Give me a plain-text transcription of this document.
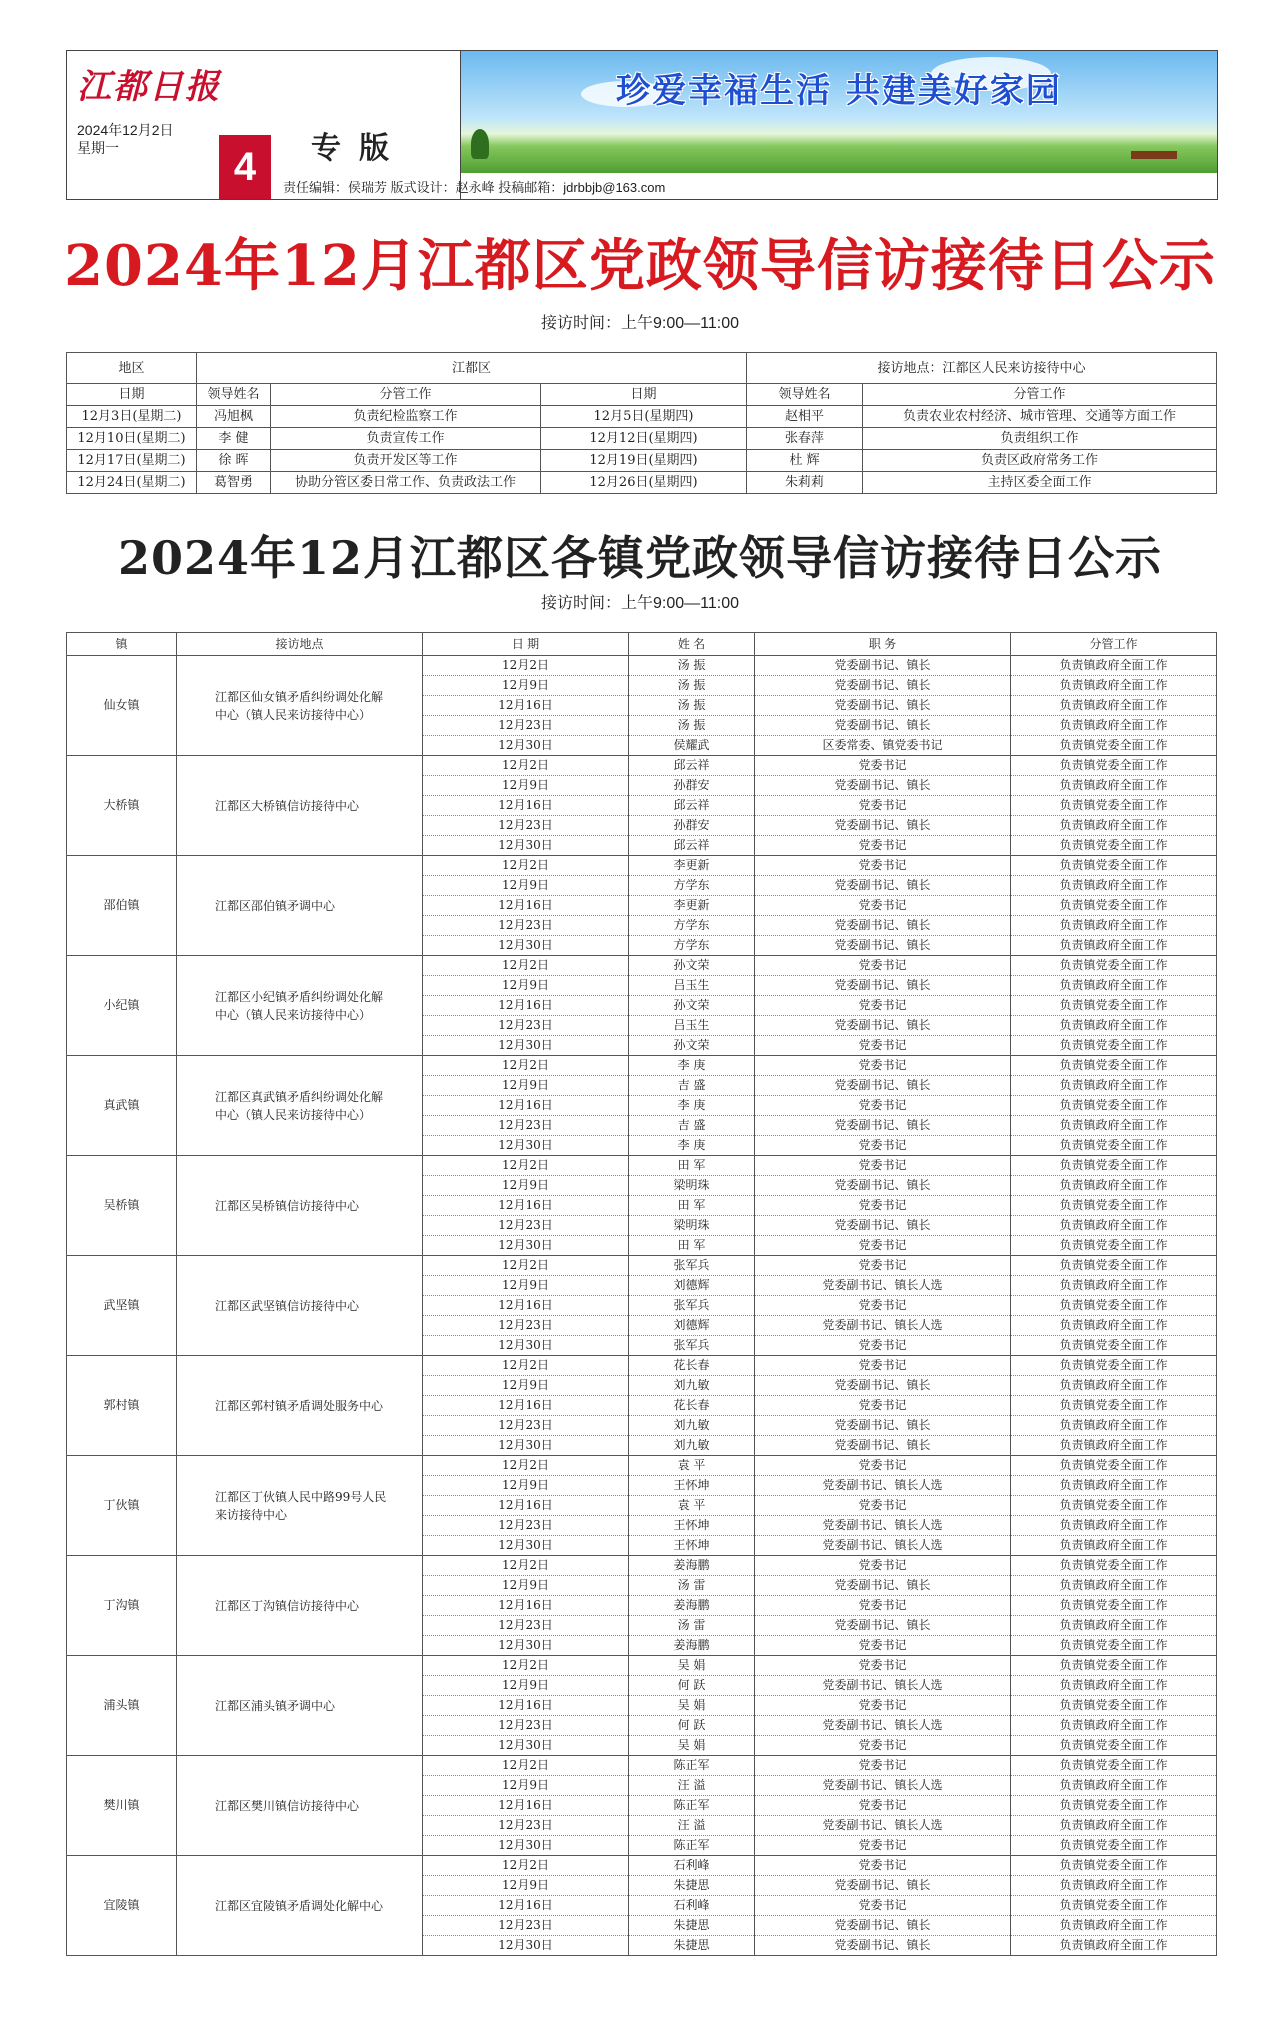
江都日报
2024年12月2日
星期一	4	专版
珍爱幸福生活 共建美好家园
责任编辑：侯瑞芳 版式设计：赵永峰 投稿邮箱：jdrbbjb@163.com
2024年12月江都区党政领导信访接待日公示
接访时间：上午9:00—11:00
地区	江都区			接访地点：江都区人民来访接待中心	
日期	领导姓名	分管工作	日期	领导姓名	分管工作
12月3日(星期二)	冯旭枫	负责纪检监察工作	12月5日(星期四)	赵相平	负责农业农村经济、城市管理、交通等方面工作
12月10日(星期二)	李 健	负责宣传工作	12月12日(星期四)	张春萍	负责组织工作
12月17日(星期二)	徐 晖	负责开发区等工作	12月19日(星期四)	杜 辉	负责区政府常务工作
12月24日(星期二)	葛智勇	协助分管区委日常工作、负责政法工作	12月26日(星期四)	朱莉莉	主持区委全面工作
2024年12月江都区各镇党政领导信访接待日公示
接访时间：上午9:00—11:00
镇	接访地点	日 期	姓 名	职 务	分管工作
仙女镇	江都区仙女镇矛盾纠纷调处化解中心（镇人民来访接待中心）	12月2日	汤 振	党委副书记、镇长	负责镇政府全面工作
		12月9日	汤 振	党委副书记、镇长	负责镇政府全面工作
		12月16日	汤 振	党委副书记、镇长	负责镇政府全面工作
		12月23日	汤 振	党委副书记、镇长	负责镇政府全面工作
		12月30日	侯耀武	区委常委、镇党委书记	负责镇党委全面工作
大桥镇	江都区大桥镇信访接待中心	12月2日	邱云祥	党委书记	负责镇党委全面工作
		12月9日	孙群安	党委副书记、镇长	负责镇政府全面工作
		12月16日	邱云祥	党委书记	负责镇党委全面工作
		12月23日	孙群安	党委副书记、镇长	负责镇政府全面工作
		12月30日	邱云祥	党委书记	负责镇党委全面工作
邵伯镇	江都区邵伯镇矛调中心	12月2日	李更新	党委书记	负责镇党委全面工作
		12月9日	方学东	党委副书记、镇长	负责镇政府全面工作
		12月16日	李更新	党委书记	负责镇党委全面工作
		12月23日	方学东	党委副书记、镇长	负责镇政府全面工作
		12月30日	方学东	党委副书记、镇长	负责镇政府全面工作
小纪镇	江都区小纪镇矛盾纠纷调处化解中心（镇人民来访接待中心）	12月2日	孙文荣	党委书记	负责镇党委全面工作
		12月9日	吕玉生	党委副书记、镇长	负责镇政府全面工作
		12月16日	孙文荣	党委书记	负责镇党委全面工作
		12月23日	吕玉生	党委副书记、镇长	负责镇政府全面工作
		12月30日	孙文荣	党委书记	负责镇党委全面工作
真武镇	江都区真武镇矛盾纠纷调处化解中心（镇人民来访接待中心）	12月2日	李 庚	党委书记	负责镇党委全面工作
		12月9日	吉 盛	党委副书记、镇长	负责镇政府全面工作
		12月16日	李 庚	党委书记	负责镇党委全面工作
		12月23日	吉 盛	党委副书记、镇长	负责镇政府全面工作
		12月30日	李 庚	党委书记	负责镇党委全面工作
吴桥镇	江都区吴桥镇信访接待中心	12月2日	田 军	党委书记	负责镇党委全面工作
		12月9日	梁明珠	党委副书记、镇长	负责镇政府全面工作
		12月16日	田 军	党委书记	负责镇党委全面工作
		12月23日	梁明珠	党委副书记、镇长	负责镇政府全面工作
		12月30日	田 军	党委书记	负责镇党委全面工作
武坚镇	江都区武坚镇信访接待中心	12月2日	张军兵	党委书记	负责镇党委全面工作
		12月9日	刘德辉	党委副书记、镇长人选	负责镇政府全面工作
		12月16日	张军兵	党委书记	负责镇党委全面工作
		12月23日	刘德辉	党委副书记、镇长人选	负责镇政府全面工作
		12月30日	张军兵	党委书记	负责镇党委全面工作
郭村镇	江都区郭村镇矛盾调处服务中心	12月2日	花长春	党委书记	负责镇党委全面工作
		12月9日	刘九敏	党委副书记、镇长	负责镇政府全面工作
		12月16日	花长春	党委书记	负责镇党委全面工作
		12月23日	刘九敏	党委副书记、镇长	负责镇政府全面工作
		12月30日	刘九敏	党委副书记、镇长	负责镇政府全面工作
丁伙镇	江都区丁伙镇人民中路99号人民来访接待中心	12月2日	袁 平	党委书记	负责镇党委全面工作
		12月9日	王怀坤	党委副书记、镇长人选	负责镇政府全面工作
		12月16日	袁 平	党委书记	负责镇党委全面工作
		12月23日	王怀坤	党委副书记、镇长人选	负责镇政府全面工作
		12月30日	王怀坤	党委副书记、镇长人选	负责镇政府全面工作
丁沟镇	江都区丁沟镇信访接待中心	12月2日	姜海鹏	党委书记	负责镇党委全面工作
		12月9日	汤 雷	党委副书记、镇长	负责镇政府全面工作
		12月16日	姜海鹏	党委书记	负责镇党委全面工作
		12月23日	汤 雷	党委副书记、镇长	负责镇政府全面工作
		12月30日	姜海鹏	党委书记	负责镇党委全面工作
浦头镇	江都区浦头镇矛调中心	12月2日	吴 娟	党委书记	负责镇党委全面工作
		12月9日	何 跃	党委副书记、镇长人选	负责镇政府全面工作
		12月16日	吴 娟	党委书记	负责镇党委全面工作
		12月23日	何 跃	党委副书记、镇长人选	负责镇政府全面工作
		12月30日	吴 娟	党委书记	负责镇党委全面工作
樊川镇	江都区樊川镇信访接待中心	12月2日	陈正军	党委书记	负责镇党委全面工作
		12月9日	汪 溢	党委副书记、镇长人选	负责镇政府全面工作
		12月16日	陈正军	党委书记	负责镇党委全面工作
		12月23日	汪 溢	党委副书记、镇长人选	负责镇政府全面工作
		12月30日	陈正军	党委书记	负责镇党委全面工作
宜陵镇	江都区宜陵镇矛盾调处化解中心	12月2日	石利峰	党委书记	负责镇党委全面工作
		12月9日	朱捷思	党委副书记、镇长	负责镇政府全面工作
		12月16日	石利峰	党委书记	负责镇党委全面工作
		12月23日	朱捷思	党委副书记、镇长	负责镇政府全面工作
		12月30日	朱捷思	党委副书记、镇长	负责镇政府全面工作
